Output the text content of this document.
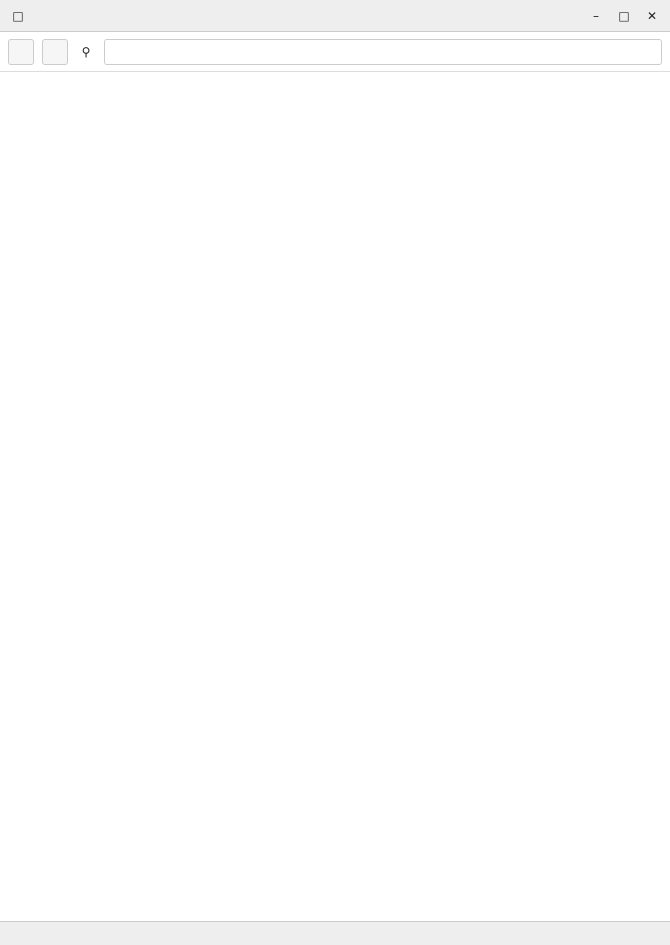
□	–	□	✕
⚲
